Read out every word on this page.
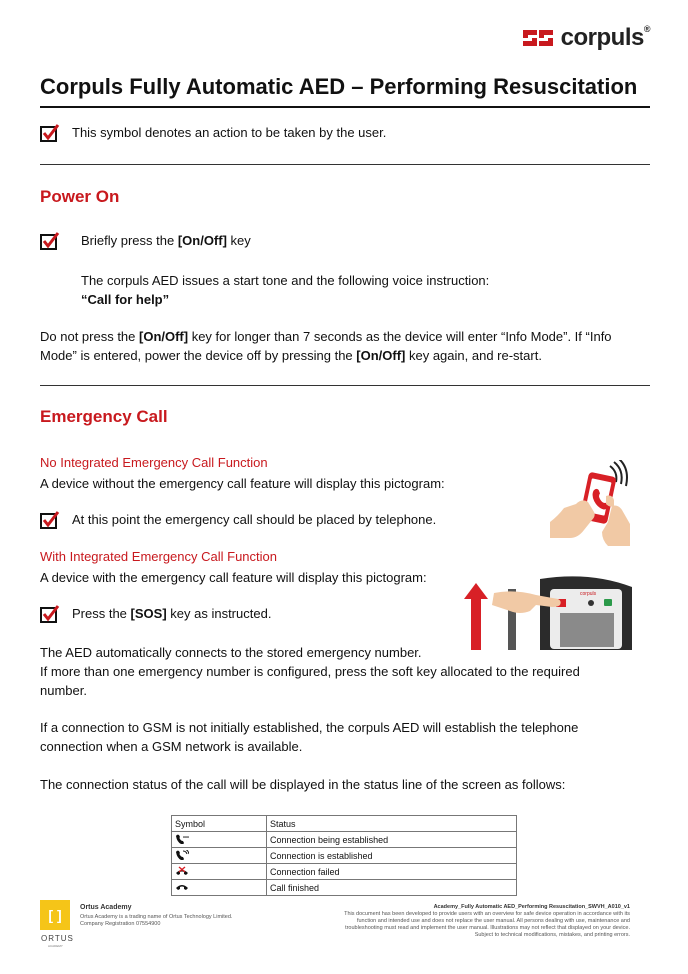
corpuls®
Corpuls Fully Automatic AED – Performing Resuscitation
This symbol denotes an action to be taken by the user.
Power On
Briefly press the [On/Off] key
The corpuls AED issues a start tone and the following voice instruction:
“Call for help”
Do not press the [On/Off] key for longer than 7 seconds as the device will enter “Info Mode”. If “Info Mode” is entered, power the device off by pressing the [On/Off] key again, and re-start.
Emergency Call
No Integrated Emergency Call Function
A device without the emergency call feature will display this pictogram:
At this point the emergency call should be placed by telephone.
With Integrated Emergency Call Function
A device with the emergency call feature will display this pictogram:
Press the [SOS] key as instructed.
corpuls
The AED automatically connects to the stored emergency number.
If more than one emergency number is configured, press the soft key allocated to the required number.
If a connection to GSM is not initially established, the corpuls AED will establish the telephone connection when a GSM network is available.
The connection status of the call will be displayed in the status line of the screen as follows:
Symbol	Status
	Connection being established
	Connection is established
	Connection failed
	Call finished
[ ]
ORTUS
ACADEMY
Ortus Academy
Ortus Academy is a trading name of Ortus Technology Limited.
Company Registration 07554900
Academy_Fully Automatic AED_Performing Resuscitation_SWVH_A010_v1
This document has been developed to provide users with an overview for safe device operation in accordance with its function and intended use and does not replace the user manual. All persons dealing with use, maintenance and troubleshooting must read and implement the user manual. Illustrations may not reflect that displayed on your device. Subject to technical modifications, mistakes, and printing errors.
